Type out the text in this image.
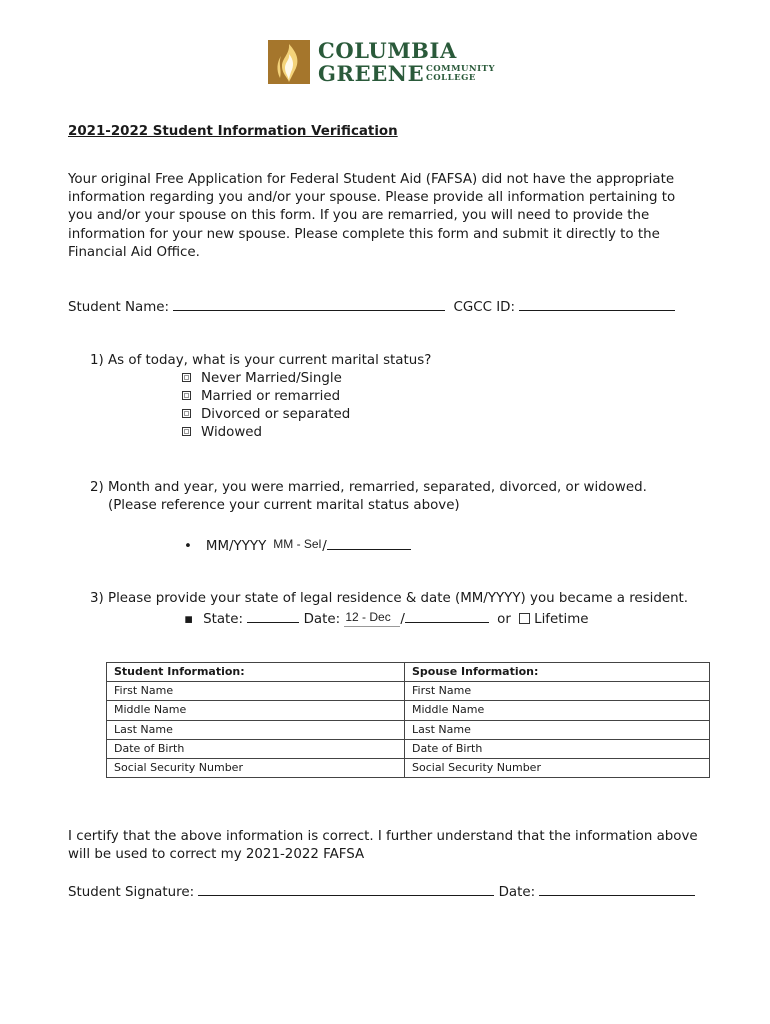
COLUMBIA
GREENE COMMUNITY
COLLEGE
2021-2022 Student Information Verification
Your original Free Application for Federal Student Aid (FAFSA) did not have the appropriate
information regarding you and/or your spouse. Please provide all information pertaining to
you and/or your spouse on this form. If you are remarried, you will need to provide the
information for your new spouse. Please complete this form and submit it directly to the
Financial Aid Office.
Student Name:	CGCC ID:
1) As of today, what is your current marital status?
Never Married/Single
Married or remarried
Divorced or separated
Widowed
2) Month and year, you were married, remarried, separated, divorced, or widowed.
(Please reference your current marital status above)
• MM/YYYY MM - Sel/
3) Please provide your state of legal residence & date (MM/YYYY) you became a resident.
▪ State:	Date: 12 - Dec /	or Lifetime
Student Information:	Spouse Information:
First Name	First Name
Middle Name	Middle Name
Last Name	Last Name
Date of Birth	Date of Birth
Social Security Number	Social Security Number
I certify that the above information is correct. I further understand that the information above
will be used to correct my 2021-2022 FAFSA
Student Signature:	Date:
